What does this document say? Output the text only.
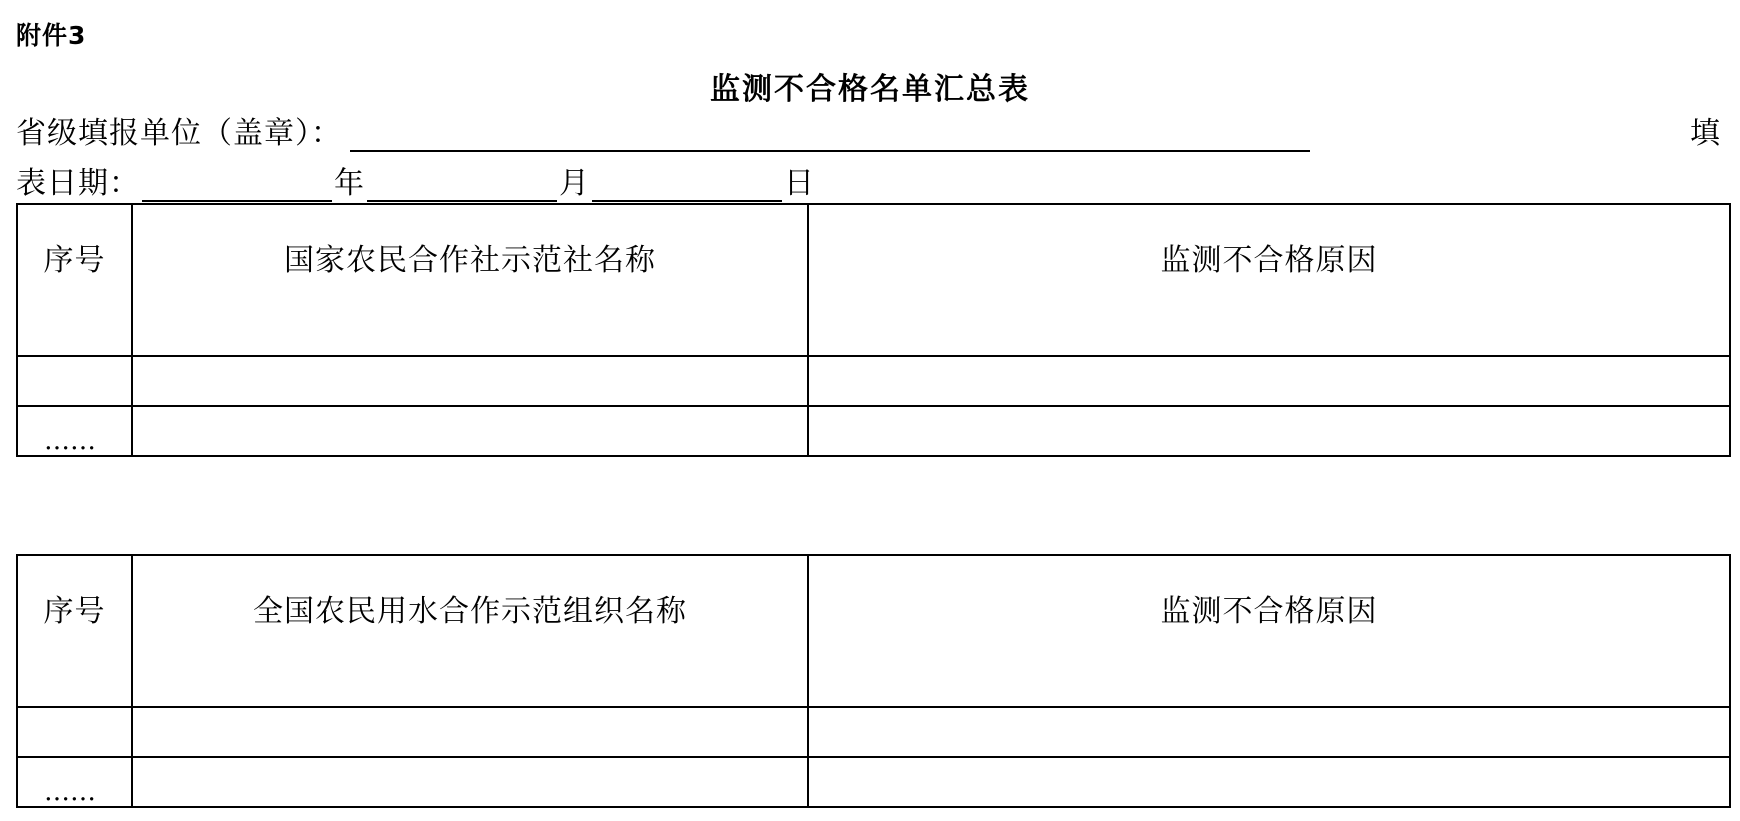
附件3
监测不合格名单汇总表
省级填报单位（盖章）：	填
表日期：	年	月	日
序号	国家农民合作社示范社名称	监测不合格原因

……		
序号	全国农民用水合作示范组织名称	监测不合格原因

……		
